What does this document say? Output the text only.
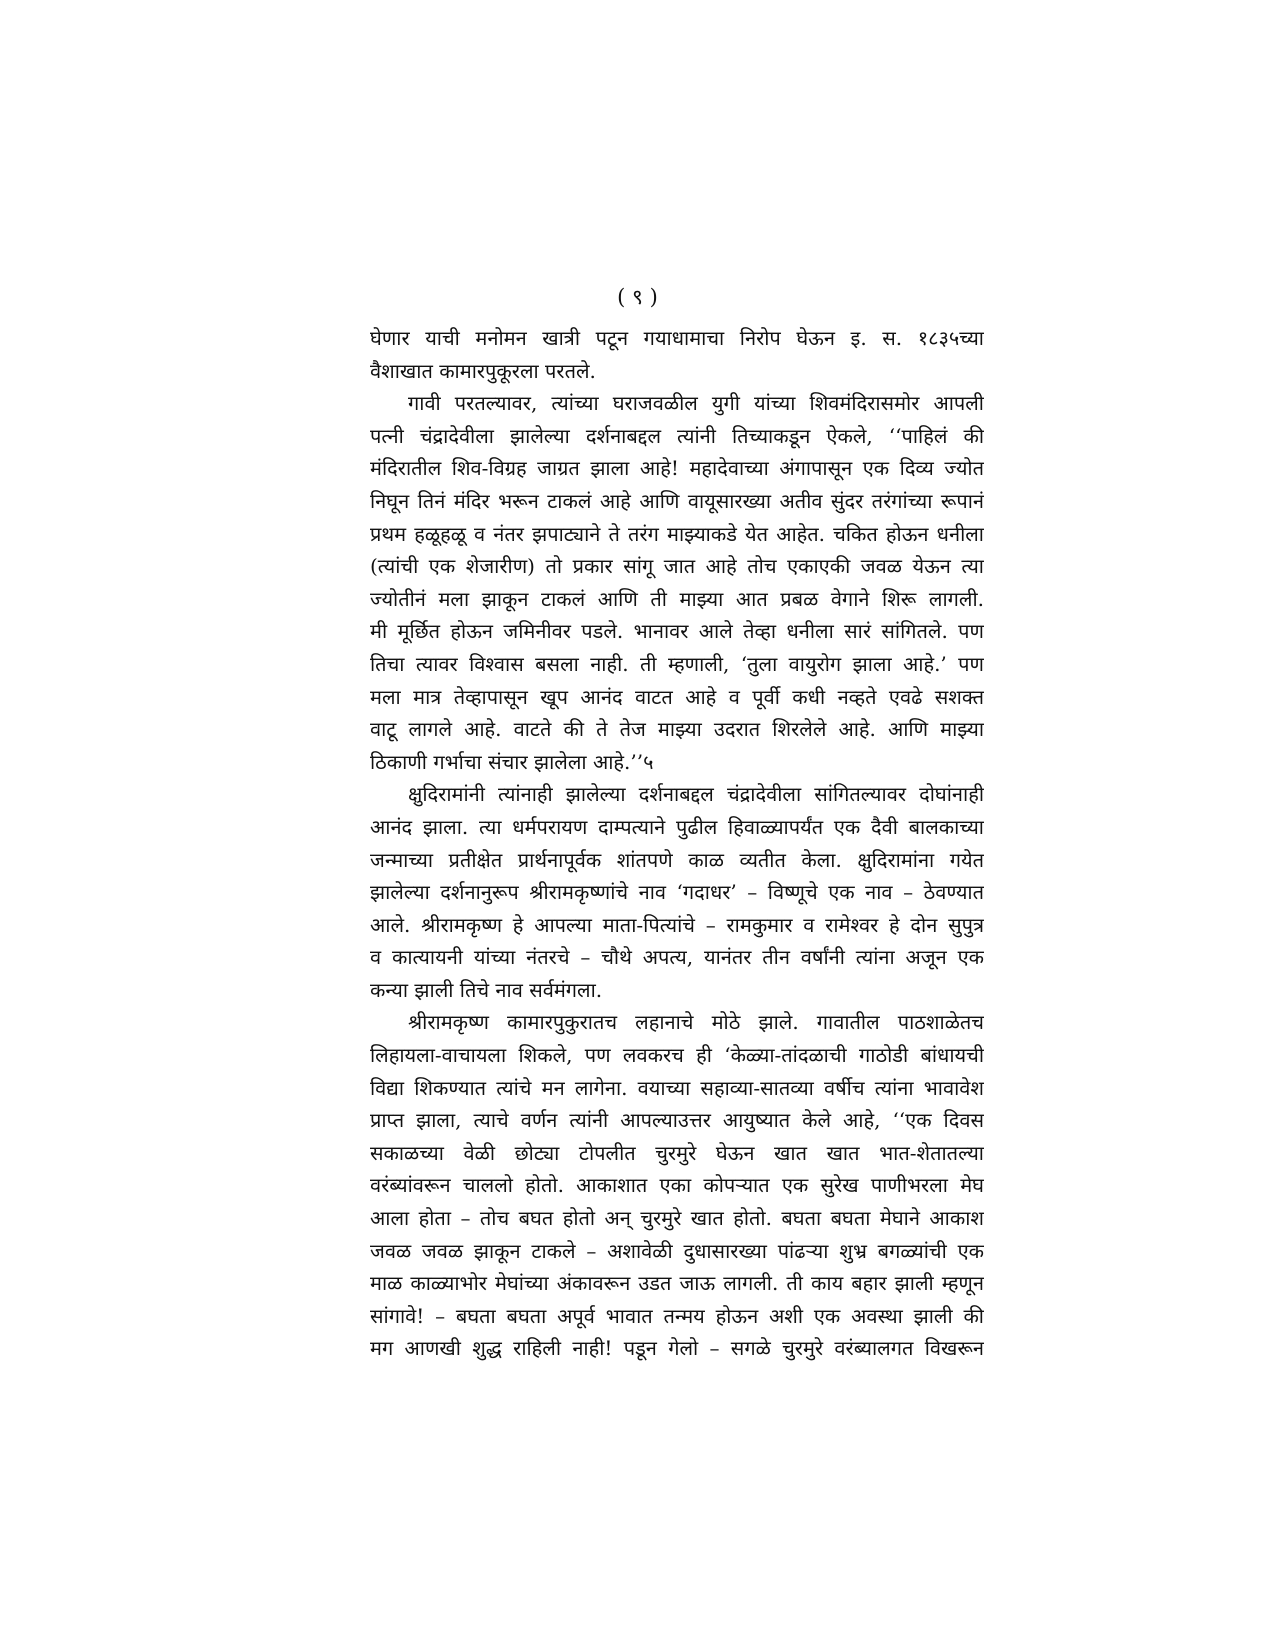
( ९ )
घेणार याची मनोमन खात्री पटून गयाधामाचा निरोप घेऊन इ. स. १८३५च्या
वैशाखात कामारपुकूरला परतले.
गावी परतल्यावर, त्यांच्या घराजवळील युगी यांच्या शिवमंदिरासमोर आपली
पत्नी चंद्रादेवीला झालेल्या दर्शनाबद्दल त्यांनी तिच्याकडून ऐकले, ‘‘पाहिलं की
मंदिरातील शिव-विग्रह जाग्रत झाला आहे! महादेवाच्या अंगापासून एक दिव्य ज्योत
निघून तिनं मंदिर भरून टाकलं आहे आणि वायूसारख्या अतीव सुंदर तरंगांच्या रूपानं
प्रथम हळूहळू व नंतर झपाट्याने ते तरंग माझ्याकडे येत आहेत. चकित होऊन धनीला
(त्यांची एक शेजारीण) तो प्रकार सांगू जात आहे तोच एकाएकी जवळ येऊन त्या
ज्योतीनं मला झाकून टाकलं आणि ती माझ्या आत प्रबळ वेगाने शिरू लागली.
मी मूर्छित होऊन जमिनीवर पडले. भानावर आले तेव्हा धनीला सारं सांगितले. पण
तिचा त्यावर विश्वास बसला नाही. ती म्हणाली, ‘तुला वायुरोग झाला आहे.’ पण
मला मात्र तेव्हापासून खूप आनंद वाटत आहे व पूर्वी कधी नव्हते एवढे सशक्त
वाटू लागले आहे. वाटते की ते तेज माझ्या उदरात शिरलेले आहे. आणि माझ्या
ठिकाणी गर्भाचा संचार झालेला आहे.’’५
क्षुदिरामांनी त्यांनाही झालेल्या दर्शनाबद्दल चंद्रादेवीला सांगितल्यावर दोघांनाही
आनंद झाला. त्या धर्मपरायण दाम्पत्याने पुढील हिवाळ्यापर्यंत एक दैवी बालकाच्या
जन्माच्या प्रतीक्षेत प्रार्थनापूर्वक शांतपणे काळ व्यतीत केला. क्षुदिरामांना गयेत
झालेल्या दर्शनानुरूप श्रीरामकृष्णांचे नाव ‘गदाधर’ – विष्णूचे एक नाव – ठेवण्यात
आले. श्रीरामकृष्ण हे आपल्या माता-पित्यांचे – रामकुमार व रामेश्वर हे दोन सुपुत्र
व कात्यायनी यांच्या नंतरचे – चौथे अपत्य, यानंतर तीन वर्षांनी त्यांना अजून एक
कन्या झाली तिचे नाव सर्वमंगला.
श्रीरामकृष्ण कामारपुकुरातच लहानाचे मोठे झाले. गावातील पाठशाळेतच
लिहायला-वाचायला शिकले, पण लवकरच ही ‘केळ्या-तांदळाची गाठोडी बांधायची
विद्या शिकण्यात त्यांचे मन लागेना. वयाच्या सहाव्या-सातव्या वर्षीच त्यांना भावावेश
प्राप्त झाला, त्याचे वर्णन त्यांनी आपल्याउत्तर आयुष्यात केले आहे, ‘‘एक दिवस
सकाळच्या वेळी छोट्या टोपलीत चुरमुरे घेऊन खात खात भात-शेतातल्या
वरंब्यांवरून चाललो होतो. आकाशात एका कोपऱ्यात एक सुरेख पाणीभरला मेघ
आला होता – तोच बघत होतो अन् चुरमुरे खात होतो. बघता बघता मेघाने आकाश
जवळ जवळ झाकून टाकले – अशावेळी दुधासारख्या पांढऱ्या शुभ्र बगळ्यांची एक
माळ काळ्याभोर मेघांच्या अंकावरून उडत जाऊ लागली. ती काय बहार झाली म्हणून
सांगावे! – बघता बघता अपूर्व भावात तन्मय होऊन अशी एक अवस्था झाली की
मग आणखी शुद्ध राहिली नाही! पडून गेलो – सगळे चुरमुरे वरंब्यालगत विखरून
